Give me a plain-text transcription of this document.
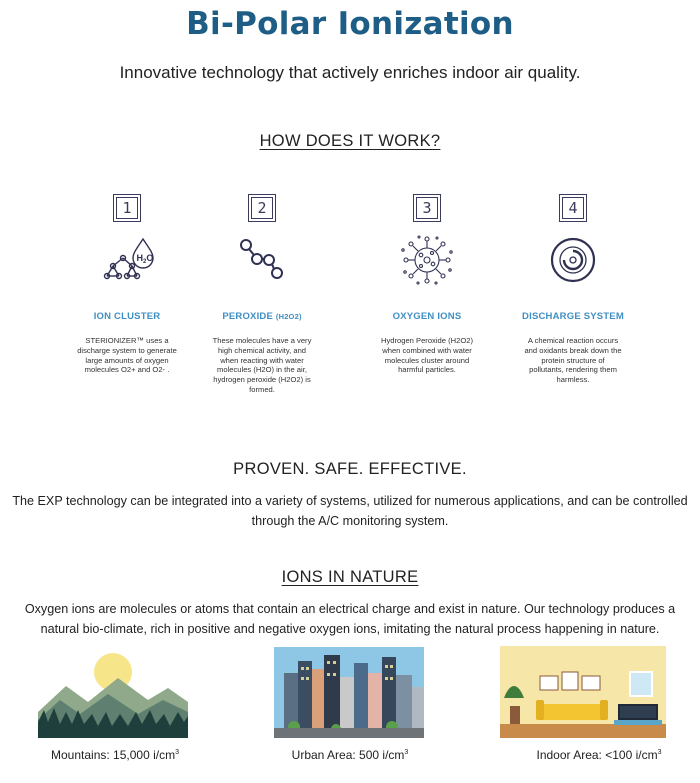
Bi-Polar Ionization
Innovative technology that actively enriches indoor air quality.
HOW DOES IT WORK?
1
$H_2O$
ION CLUSTER
STERIONIZER™ uses a discharge system to generate large amounts of oxygen molecules O2+ and O2- .
2
PEROXIDE (H2O2)
These molecules have a very high chemical activity, and when reacting with water molecules (H2O) in the air, hydrogen peroxide (H2O2) is formed.
3
OXYGEN IONS
Hydrogen Peroxide (H2O2) when combined with water molecules cluster around harmful particles.
4
DISCHARGE SYSTEM
A chemical reaction occurs and oxidants break down the protein structure of pollutants, rendering them harmless.
PROVEN. SAFE. EFFECTIVE.
The EXP technology can be integrated into a variety of systems, utilized for numerous applications, and can be controlled through the A/C monitoring system.
IONS IN NATURE
Oxygen ions are molecules or atoms that contain an electrical charge and exist in nature. Our technology produces a natural bio-climate, rich in positive and negative oxygen ions, imitating the natural process happening in nature.
Mountains: 15,000 $i/cm^3$	Urban Area: 500 $i/cm^3$	Indoor Area: <100 $i/cm^3$
